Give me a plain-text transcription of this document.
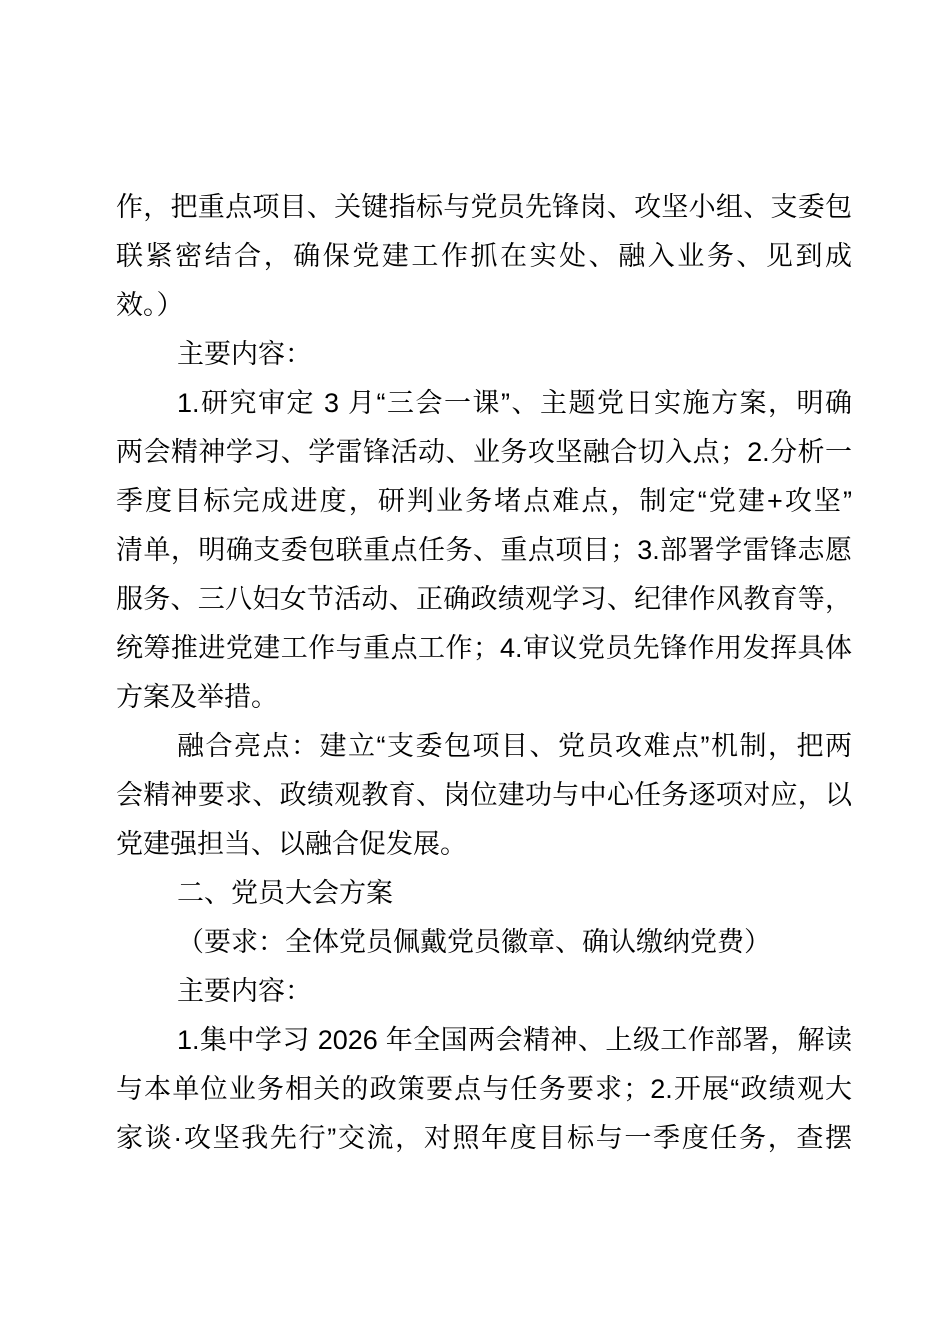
作，把重点项目、关键指标与党员先锋岗、攻坚小组、支委包
联紧密结合，确保党建工作抓在实处、融入业务、见到成
效。）
主要内容：
1.研究审定 3 月“三会一课”、主题党日实施方案，明确
两会精神学习、学雷锋活动、业务攻坚融合切入点；2.分析一
季度目标完成进度，研判业务堵点难点，制定“党建+攻坚”
清单，明确支委包联重点任务、重点项目；3.部署学雷锋志愿
服务、三八妇女节活动、正确政绩观学习、纪律作风教育等，
统筹推进党建工作与重点工作；4.审议党员先锋作用发挥具体
方案及举措。
融合亮点：建立“支委包项目、党员攻难点”机制，把两
会精神要求、政绩观教育、岗位建功与中心任务逐项对应，以
党建强担当、以融合促发展。
二、党员大会方案
（要求：全体党员佩戴党员徽章、确认缴纳党费）
主要内容：
1.集中学习 2026 年全国两会精神、上级工作部署，解读
与本单位业务相关的政策要点与任务要求；2.开展“政绩观大
家谈·攻坚我先行”交流，对照年度目标与一季度任务，查摆
